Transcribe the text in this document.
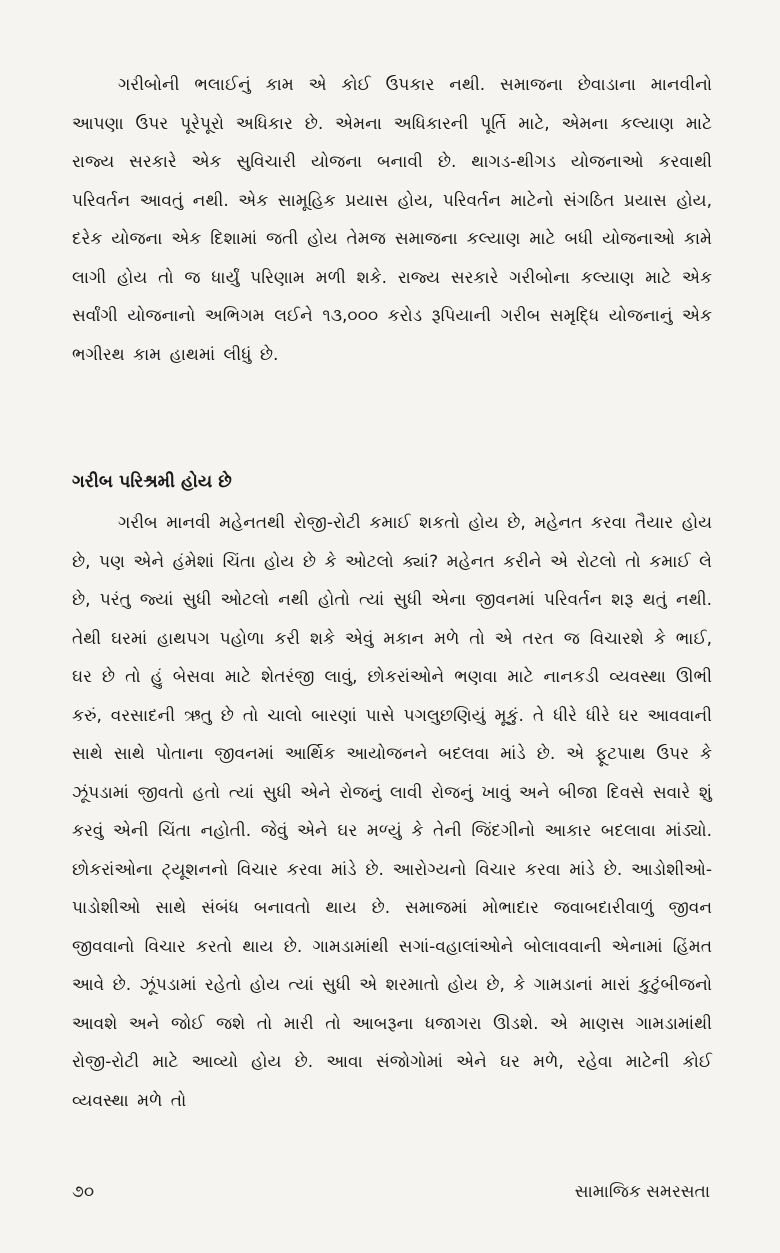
ગરીબોની ભલાઈનું કામ એ કોઈ ઉપકાર નથી. સમાજના છેવાડાના માનવીનો આપણા ઉપર પૂરેપૂરો અધિકાર છે. એમના અધિકારની પૂર્તિ માટે, એમના કલ્યાણ માટે રાજ્ય સરકારે એક સુવિચારી યોજના બનાવી છે. થાગડ-થીગડ યોજનાઓ કરવાથી પરિવર્તન આવતું નથી. એક સામૂહિક પ્રયાસ હોય, પરિવર્તન માટેનો સંગઠિત પ્રયાસ હોય, દરેક યોજના એક દિશામાં જતી હોય તેમજ સમાજના કલ્યાણ માટે બધી યોજનાઓ કામે લાગી હોય તો જ ધાર્યું પરિણામ મળી શકે. રાજ્ય સરકારે ગરીબોના કલ્યાણ માટે એક સર્વાંગી યોજનાનો અભિગમ લઈને ૧૩,૦૦૦ કરોડ રૂપિયાની ગરીબ સમૃદ્ધિ યોજનાનું એક ભગીરથ કામ હાથમાં લીધું છે.

ગરીબ પરિશ્રમી હોય છે

ગરીબ માનવી મહેનતથી રોજી-રોટી કમાઈ શકતો હોય છે, મહેનત કરવા તૈયાર હોય છે, પણ એને હંમેશાં ચિંતા હોય છે કે ઓટલો ક્યાં? મહેનત કરીને એ રોટલો તો કમાઈ લે છે, પરંતુ જ્યાં સુધી ઓટલો નથી હોતો ત્યાં સુધી એના જીવનમાં પરિવર્તન શરૂ થતું નથી. તેથી ઘરમાં હાથપગ પહોળા કરી શકે એવું મકાન મળે તો એ તરત જ વિચારશે કે ભાઈ, ઘર છે તો હું બેસવા માટે શેતરંજી લાવું, છોકરાંઓને ભણવા માટે નાનકડી વ્યવસ્થા ઊભી કરું, વરસાદની ઋતુ છે તો ચાલો બારણાં પાસે પગલુછણિયું મૂકું. તે ધીરે ધીરે ઘર આવવાની સાથે સાથે પોતાના જીવનમાં આર્થિક આયોજનને બદલવા માંડે છે. એ ફૂટપાથ ઉપર કે ઝૂંપડામાં જીવતો હતો ત્યાં સુધી એને રોજનું લાવી રોજનું ખાવું અને બીજા દિવસે સવારે શું કરવું એની ચિંતા નહોતી. જેવું એને ઘર મળ્યું કે તેની જિંદગીનો આકાર બદલાવા માંડ્યો. છોકરાંઓના ટ્યૂશનનો વિચાર કરવા માંડે છે. આરોગ્યનો વિચાર કરવા માંડે છે. આડોશીઓ-પાડોશીઓ સાથે સંબંધ બનાવતો થાય છે. સમાજમાં મોભાદાર જવાબદારીવાળું જીવન જીવવાનો વિચાર કરતો થાય છે. ગામડામાંથી સગાં-વહાલાંઓને બોલાવવાની એનામાં હિંમત આવે છે. ઝૂંપડામાં રહેતો હોય ત્યાં સુધી એ શરમાતો હોય છે, કે ગામડાનાં મારાં કુટુંબીજનો આવશે અને જોઈ જશે તો મારી તો આબરૂના ધજાગરા ઊડશે. એ માણસ ગામડામાંથી રોજી-રોટી માટે આવ્યો હોય છે. આવા સંજોગોમાં એને ઘર મળે, રહેવા માટેની કોઈ વ્યવસ્થા મળે તો

૭૦	સામાજિક સમરસતા
